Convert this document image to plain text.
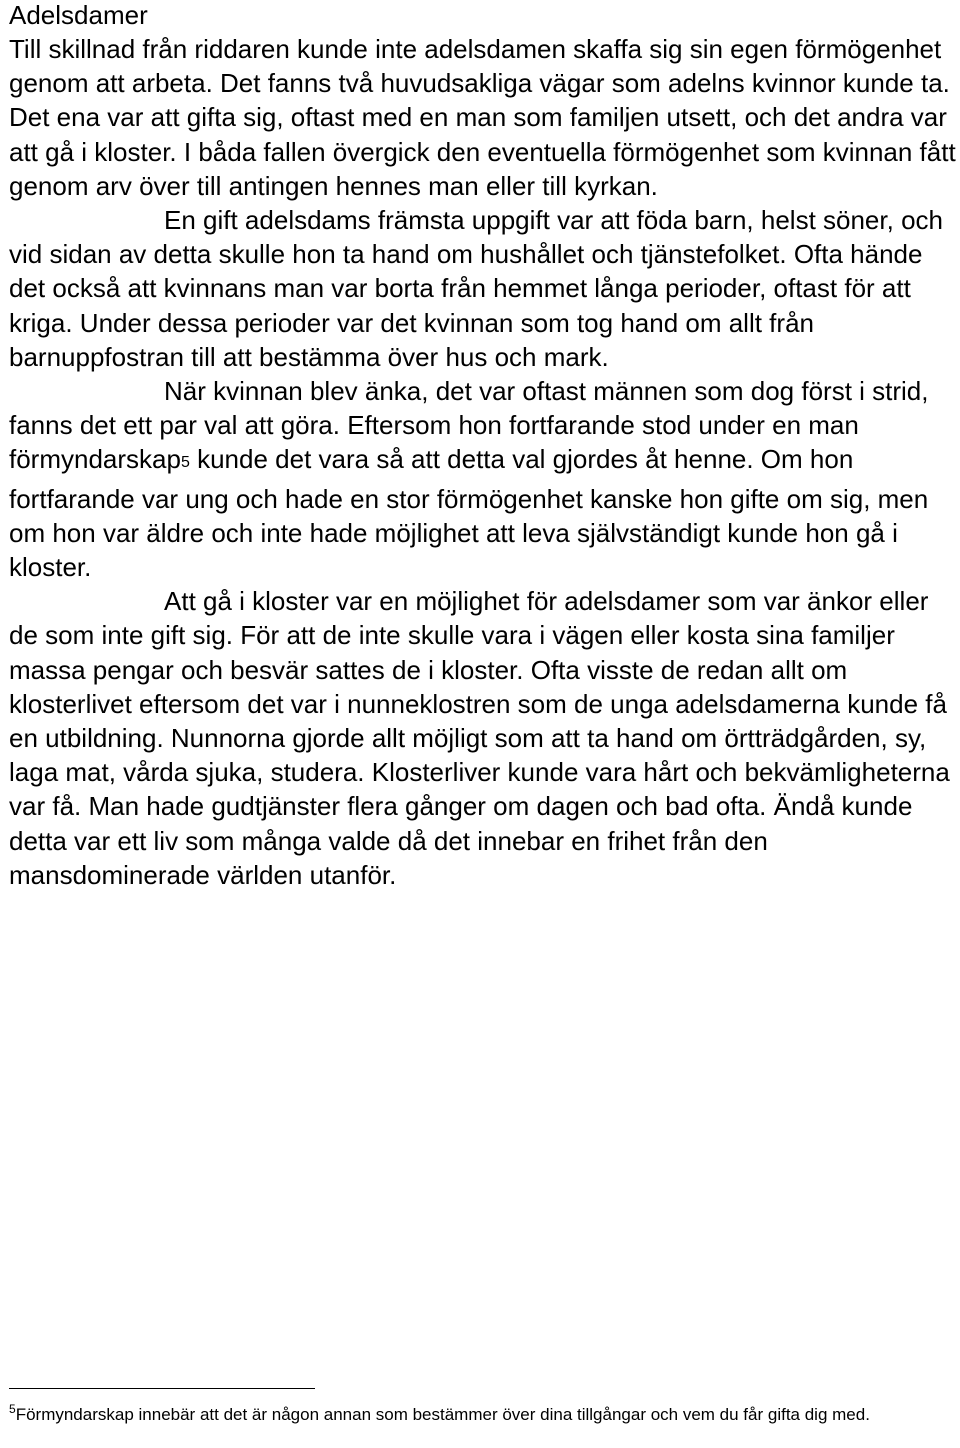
Adelsdamer

Till skillnad från riddaren kunde inte adelsdamen skaffa sig sin egen förmögenhet genom att arbeta. Det fanns två huvudsakliga vägar som adelns kvinnor kunde ta. Det ena var att gifta sig, oftast med en man som familjen utsett, och det andra var att gå i kloster. I båda fallen övergick den eventuella förmögenhet som kvinnan fått genom arv över till antingen hennes man eller till kyrkan.

En gift adelsdams främsta uppgift var att föda barn, helst söner, och vid sidan av detta skulle hon ta hand om hushållet och tjänstefolket. Ofta hände det också att kvinnans man var borta från hemmet långa perioder, oftast för att kriga. Under dessa perioder var det kvinnan som tog hand om allt från barnuppfostran till att bestämma över hus och mark.

När kvinnan blev änka, det var oftast männen som dog först i strid, fanns det ett par val att göra. Eftersom hon fortfarande stod under en man förmyndarskap$^5$ kunde det vara så att detta val gjordes åt henne. Om hon fortfarande var ung och hade en stor förmögenhet kanske hon gifte om sig, men om hon var äldre och inte hade möjlighet att leva självständigt kunde hon gå i kloster.

Att gå i kloster var en möjlighet för adelsdamer som var änkor eller de som inte gift sig. För att de inte skulle vara i vägen eller kosta sina familjer massa pengar och besvär sattes de i kloster. Ofta visste de redan allt om klosterlivet eftersom det var i nunneklostren som de unga adelsdamerna kunde få en utbildning. Nunnorna gjorde allt möjligt som att ta hand om örtträdgården, sy, laga mat, vårda sjuka, studera. Klosterliver kunde vara hårt och bekvämligheterna var få. Man hade gudtjänster flera gånger om dagen och bad ofta. Ändå kunde detta var ett liv som många valde då det innebar en frihet från den mansdominerade världen utanför.

$^5$Förmyndarskap innebär att det är någon annan som bestämmer över dina tillgångar och vem du får gifta dig med.
